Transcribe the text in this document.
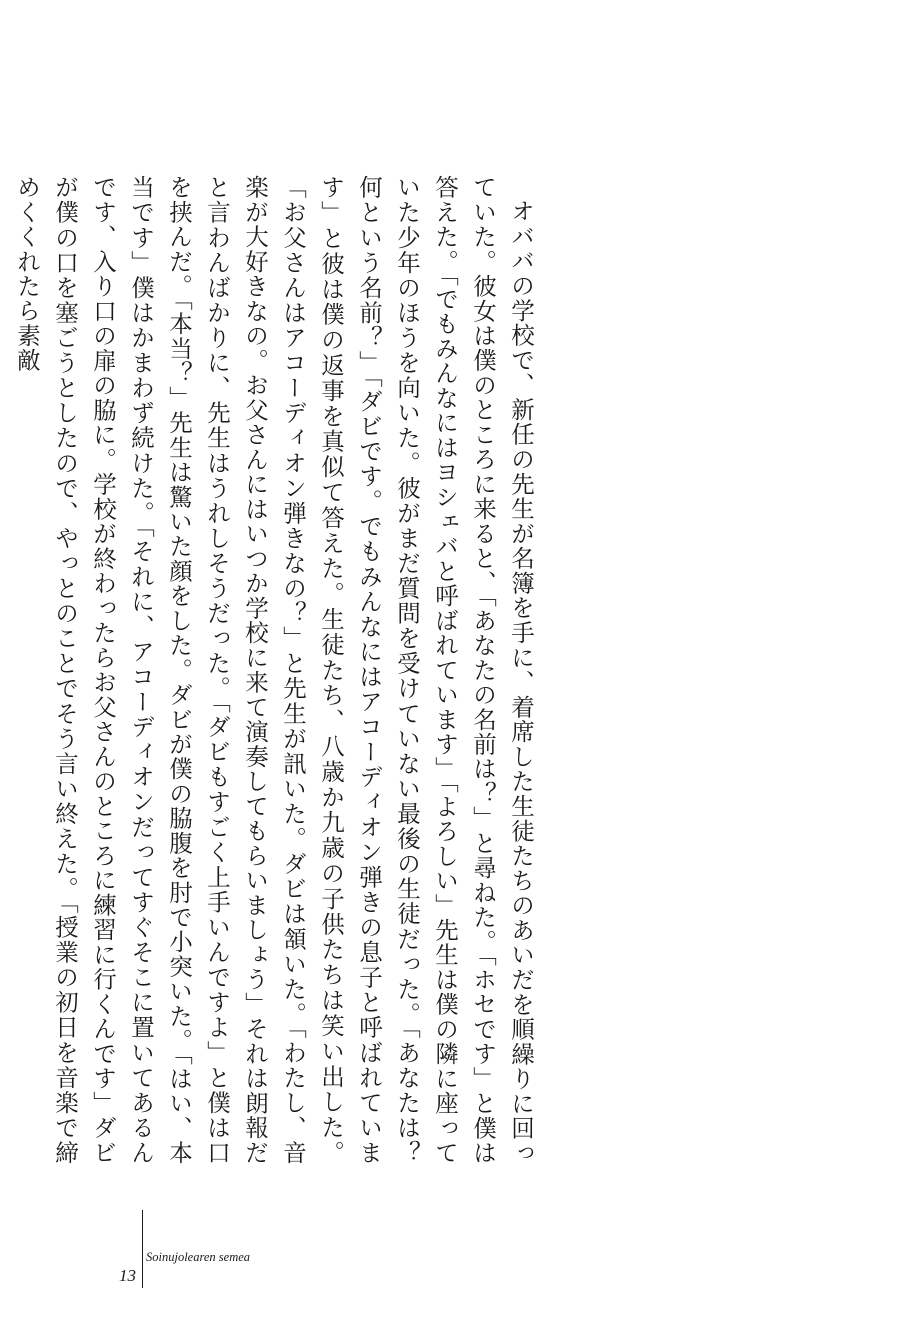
オババの学校で、新任の先生が名簿を手に、着席した生徒たちのあいだを順繰りに回っていた。彼女は僕のところに来ると、「あなたの名前は？」と尋ねた。「ホセです」と僕は答えた。「でもみんなにはヨシェバと呼ばれています」「よろしい」先生は僕の隣に座っていた少年のほうを向いた。彼がまだ質問を受けていない最後の生徒だった。「あなたは？　何という名前？」「ダビです。でもみんなにはアコーディオン弾きの息子と呼ばれています」と彼は僕の返事を真似て答えた。生徒たち、八歳か九歳の子供たちは笑い出した。「お父さんはアコーディオン弾きなの？」と先生が訊いた。ダビは頷いた。「わたし、音楽が大好きなの。お父さんにはいつか学校に来て演奏してもらいましょう」それは朗報だと言わんばかりに、先生はうれしそうだった。「ダビもすごく上手いんですよ」と僕は口を挟んだ。「本当？」先生は驚いた顔をした。ダビが僕の脇腹を肘で小突いた。「はい、本当です」僕はかまわず続けた。「それに、アコーディオンだってすぐそこに置いてあるんです、入り口の扉の脇に。学校が終わったらお父さんのところに練習に行くんです」ダビが僕の口を塞ごうとしたので、やっとのことでそう言い終えた。「授業の初日を音楽で締めくくれたら素敵

13
Soinujolearen semea
